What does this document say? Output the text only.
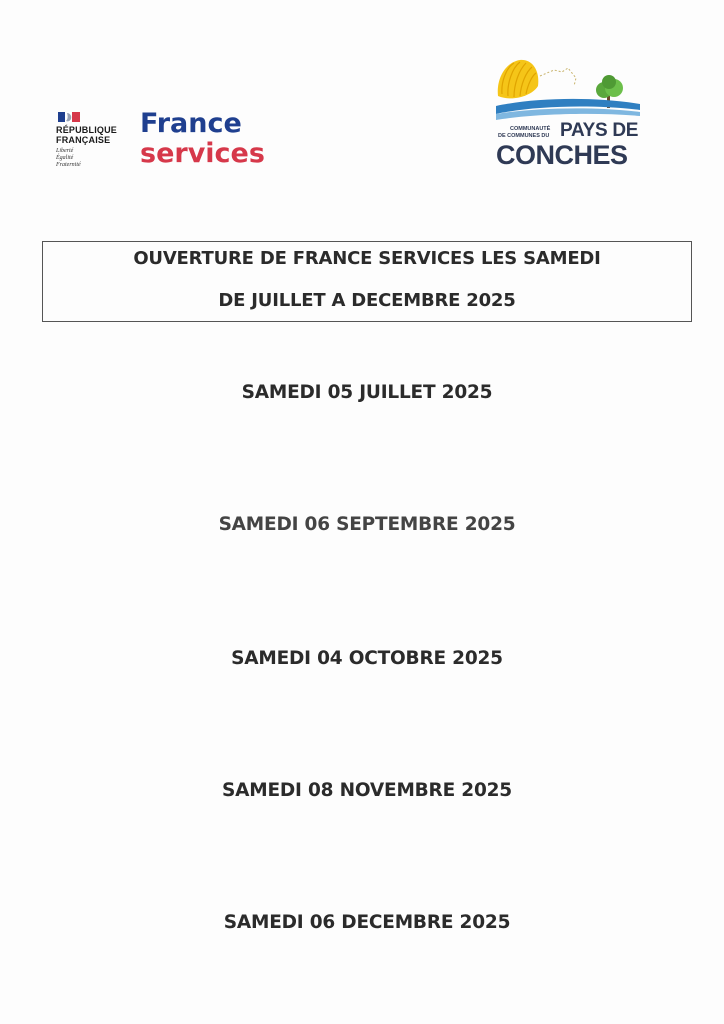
RÉPUBLIQUE
FRANÇAISE
Liberté
Égalité
Fraternité
France
services
COMMUNAUTÉ
DE COMMUNES DU PAYS DE
CONCHES
OUVERTURE DE FRANCE SERVICES LES SAMEDI
DE JUILLET A DECEMBRE 2025
SAMEDI 05 JUILLET 2025
SAMEDI 06 SEPTEMBRE 2025
SAMEDI 04 OCTOBRE 2025
SAMEDI 08 NOVEMBRE 2025
SAMEDI 06 DECEMBRE 2025
